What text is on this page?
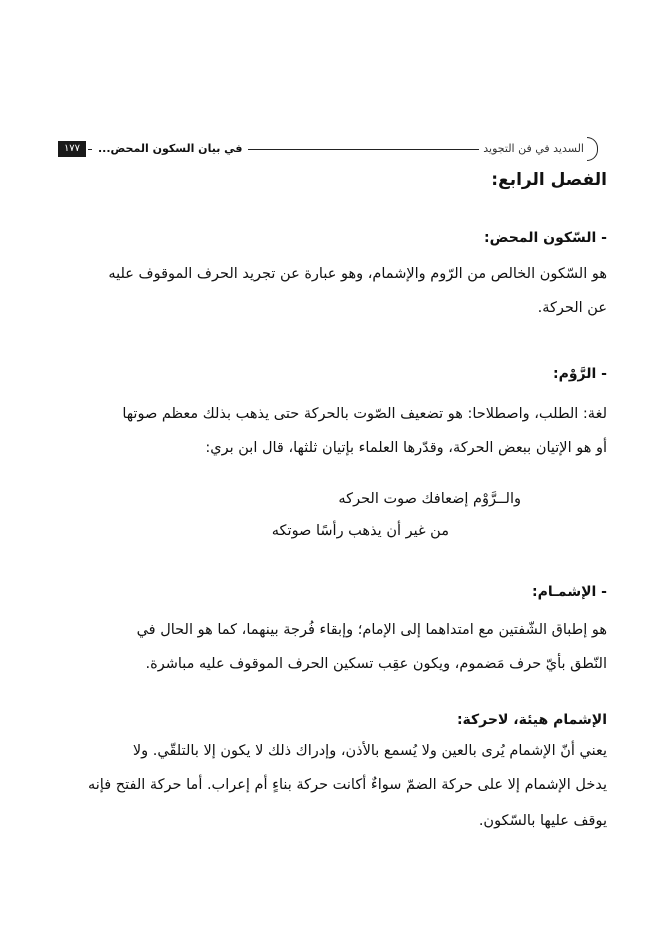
١٧٧	في بيان السكون المحض...	السديد في فن التجويد
الفصل الرابع:
- السّكون المحض:
هو السّكون الخالص من الرّوم والإشمام، وهو عبارة عن تجريد الحرف الموقوف عليه
عن الحركة.
- الرَّوْم:
لغة: الطلب، واصطلاحا: هو تضعيف الصّوت بالحركة حتى يذهب بذلك معظم صوتها
أو هو الإتيان ببعض الحركة، وقدّرها العلماء بإتيان ثلثها، قال ابن بري:
والــرَّوْم إضعافك صوت الحركه
من غير أن يذهب رأسًا صوتكه
- الإشمـام:
هو إطباق الشّفتين مع امتداهما إلى الإمام؛ وإبقاء فُرجة بينهما، كما هو الحال في
النّطق بأيّ حرف مَضموم، ويكون عقِب تسكين الحرف الموقوف عليه مباشرة.
الإشمام هيئة، لاحركة:
يعني أنّ الإشمام يُرى بالعين ولا يُسمع بالأذن، وإدراك ذلك لا يكون إلا بالتلقّي. ولا
يدخل الإشمام إلا على حركة الضمّ سواءٌ أكانت حركة بناءٍ أم إعراب. أما حركة الفتح فإنه
يوقف عليها بالسّكون.
